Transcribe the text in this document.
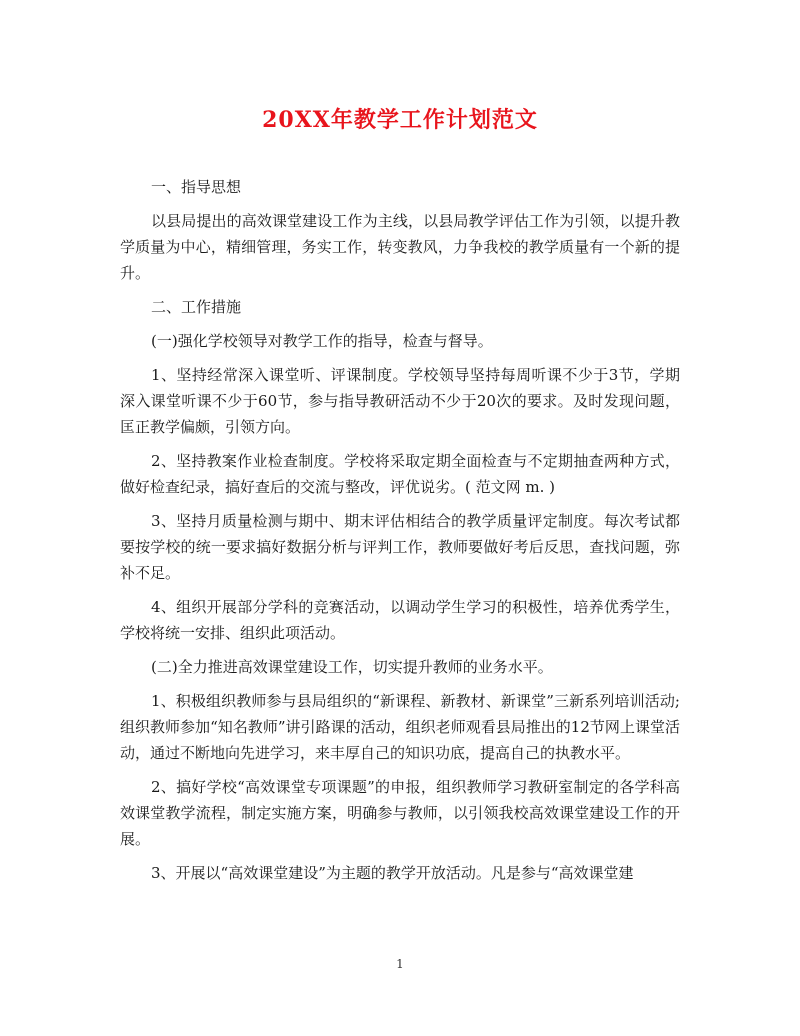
20XX年教学工作计划范文

一、指导思想

以县局提出的高效课堂建设工作为主线，以县局教学评估工作为引领，以提升教学质量为中心，精细管理，务实工作，转变教风，力争我校的教学质量有一个新的提升。

二、工作措施

(一)强化学校领导对教学工作的指导，检查与督导。

1、坚持经常深入课堂听、评课制度。学校领导坚持每周听课不少于3节，学期深入课堂听课不少于60节，参与指导教研活动不少于20次的要求。及时发现问题，匡正教学偏颇，引领方向。

2、坚持教案作业检查制度。学校将采取定期全面检查与不定期抽查两种方式，做好检查纪录，搞好查后的交流与整改，评优说劣。( 范文网 m. )

3、坚持月质量检测与期中、期末评估相结合的教学质量评定制度。每次考试都要按学校的统一要求搞好数据分析与评判工作，教师要做好考后反思，查找问题，弥补不足。

4、组织开展部分学科的竞赛活动，以调动学生学习的积极性，培养优秀学生，学校将统一安排、组织此项活动。

(二)全力推进高效课堂建设工作，切实提升教师的业务水平。

1、积极组织教师参与县局组织的“新课程、新教材、新课堂”三新系列培训活动;组织教师参加“知名教师”讲引路课的活动，组织老师观看县局推出的12节网上课堂活动，通过不断地向先进学习，来丰厚自己的知识功底，提高自己的执教水平。

2、搞好学校“高效课堂专项课题”的申报，组织教师学习教研室制定的各学科高效课堂教学流程，制定实施方案，明确参与教师，以引领我校高效课堂建设工作的开展。

3、开展以“高效课堂建设”为主题的教学开放活动。凡是参与“高效课堂建

1
